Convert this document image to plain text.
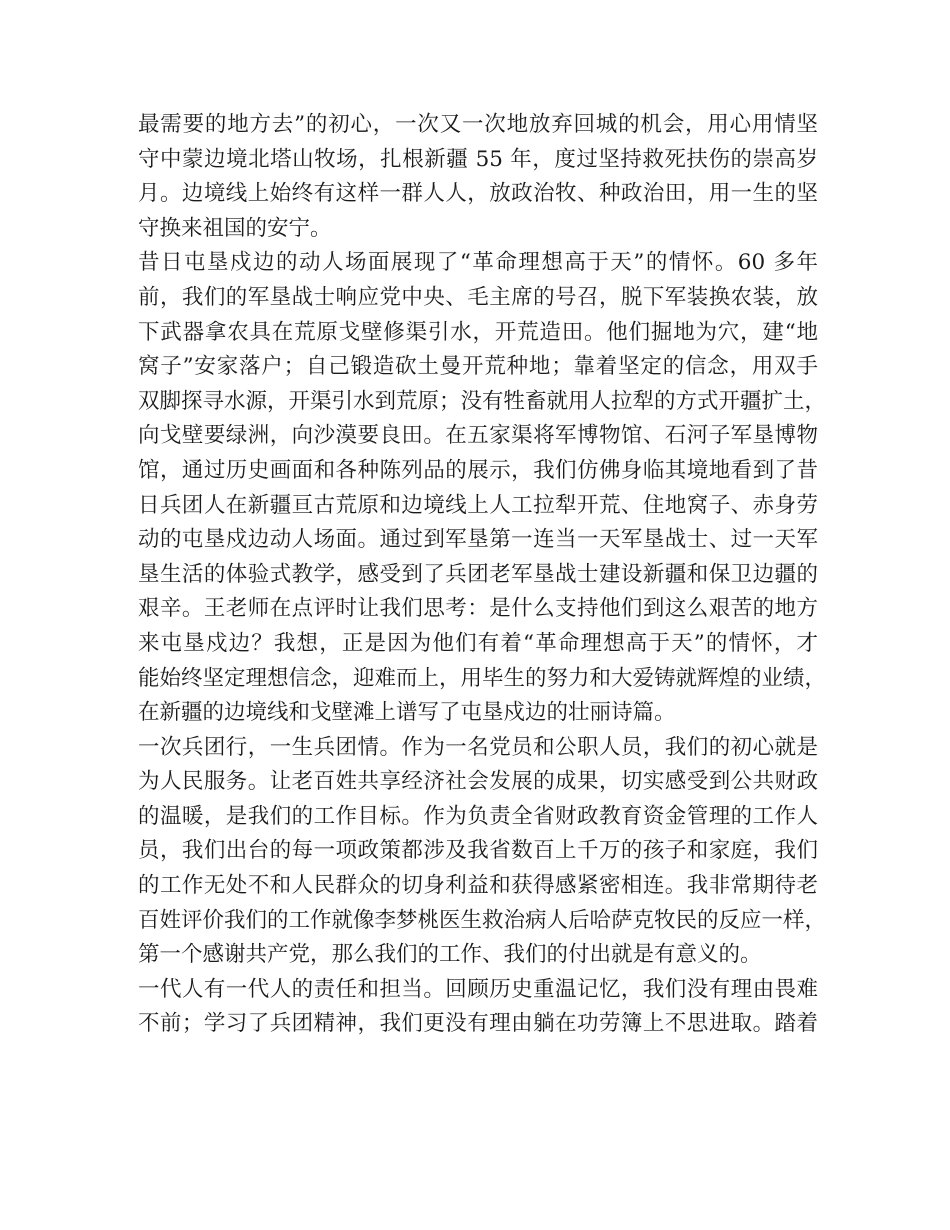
最需要的地方去”的初心，一次又一次地放弃回城的机会，用心用情坚
守中蒙边境北塔山牧场，扎根新疆 55 年，度过坚持救死扶伤的崇高岁
月。边境线上始终有这样一群人人，放政治牧、种政治田，用一生的坚
守换来祖国的安宁。
昔日屯垦戍边的动人场面展现了“革命理想高于天”的情怀。60 多年
前，我们的军垦战士响应党中央、毛主席的号召，脱下军装换农装，放
下武器拿农具在荒原戈壁修渠引水，开荒造田。他们掘地为穴，建“地
窝子”安家落户；自己锻造砍土曼开荒种地；靠着坚定的信念，用双手
双脚探寻水源，开渠引水到荒原；没有牲畜就用人拉犁的方式开疆扩土，
向戈壁要绿洲，向沙漠要良田。在五家渠将军博物馆、石河子军垦博物
馆，通过历史画面和各种陈列品的展示，我们仿佛身临其境地看到了昔
日兵团人在新疆亘古荒原和边境线上人工拉犁开荒、住地窝子、赤身劳
动的屯垦戍边动人场面。通过到军垦第一连当一天军垦战士、过一天军
垦生活的体验式教学，感受到了兵团老军垦战士建设新疆和保卫边疆的
艰辛。王老师在点评时让我们思考：是什么支持他们到这么艰苦的地方
来屯垦戍边？我想，正是因为他们有着“革命理想高于天”的情怀，才
能始终坚定理想信念，迎难而上，用毕生的努力和大爱铸就辉煌的业绩，
在新疆的边境线和戈壁滩上谱写了屯垦戍边的壮丽诗篇。
一次兵团行，一生兵团情。作为一名党员和公职人员，我们的初心就是
为人民服务。让老百姓共享经济社会发展的成果，切实感受到公共财政
的温暖，是我们的工作目标。作为负责全省财政教育资金管理的工作人
员，我们出台的每一项政策都涉及我省数百上千万的孩子和家庭，我们
的工作无处不和人民群众的切身利益和获得感紧密相连。我非常期待老
百姓评价我们的工作就像李梦桃医生救治病人后哈萨克牧民的反应一样，
第一个感谢共产党，那么我们的工作、我们的付出就是有意义的。
一代人有一代人的责任和担当。回顾历史重温记忆，我们没有理由畏难
不前；学习了兵团精神，我们更没有理由躺在功劳簿上不思进取。踏着
